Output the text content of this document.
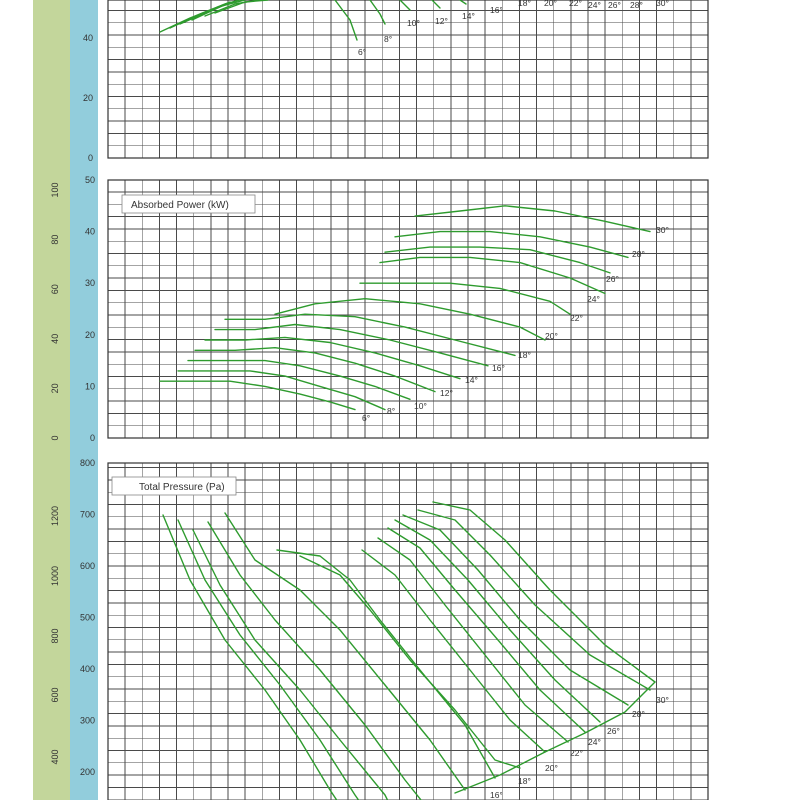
0
20
40
6°
8°
10° 12° 14°
16°
18° 20° 22° 24° 26° 28° 30°
0
10
20
30
40
50
0
20
40
60
80
100
6°
8° 10°
12°
14°
16°
18°
20°
22°
24°
26°
28°
30°
200
300
400
500
600
700
800
400
600
800
1000
1200
16°
18°
20°
22°
24°
26°
28°
30°
Absorbed Power (kW)
Total Pressure (Pa)
